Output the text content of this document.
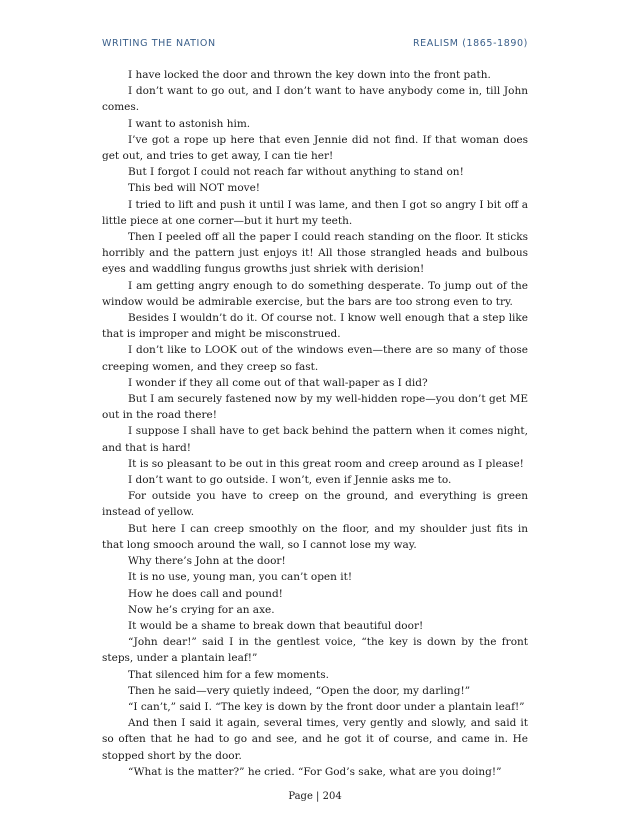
WRITING THE NATION	REALISM (1865-1890)

I have locked the door and thrown the key down into the front path.

I don’t want to go out, and I don’t want to have anybody come in, till John comes.

I want to astonish him.

I’ve got a rope up here that even Jennie did not find. If that woman does get out, and tries to get away, I can tie her!

But I forgot I could not reach far without anything to stand on!

This bed will NOT move!

I tried to lift and push it until I was lame, and then I got so angry I bit off a little piece at one corner—but it hurt my teeth.

Then I peeled off all the paper I could reach standing on the floor. It sticks horribly and the pattern just enjoys it! All those strangled heads and bulbous eyes and waddling fungus growths just shriek with derision!

I am getting angry enough to do something desperate. To jump out of the window would be admirable exercise, but the bars are too strong even to try.

Besides I wouldn’t do it. Of course not. I know well enough that a step like that is improper and might be misconstrued.

I don’t like to LOOK out of the windows even—there are so many of those creeping women, and they creep so fast.

I wonder if they all come out of that wall-paper as I did?

But I am securely fastened now by my well-hidden rope—you don’t get ME out in the road there!

I suppose I shall have to get back behind the pattern when it comes night, and that is hard!

It is so pleasant to be out in this great room and creep around as I please!

I don’t want to go outside. I won’t, even if Jennie asks me to.

For outside you have to creep on the ground, and everything is green instead of yellow.

But here I can creep smoothly on the floor, and my shoulder just fits in that long smooch around the wall, so I cannot lose my way.

Why there’s John at the door!

It is no use, young man, you can’t open it!

How he does call and pound!

Now he’s crying for an axe.

It would be a shame to break down that beautiful door!

“John dear!” said I in the gentlest voice, “the key is down by the front steps, under a plantain leaf!”

That silenced him for a few moments.

Then he said—very quietly indeed, “Open the door, my darling!”

“I can’t,” said I. “The key is down by the front door under a plantain leaf!”

And then I said it again, several times, very gently and slowly, and said it so often that he had to go and see, and he got it of course, and came in. He stopped short by the door.

“What is the matter?” he cried. “For God’s sake, what are you doing!”

Page | 204
